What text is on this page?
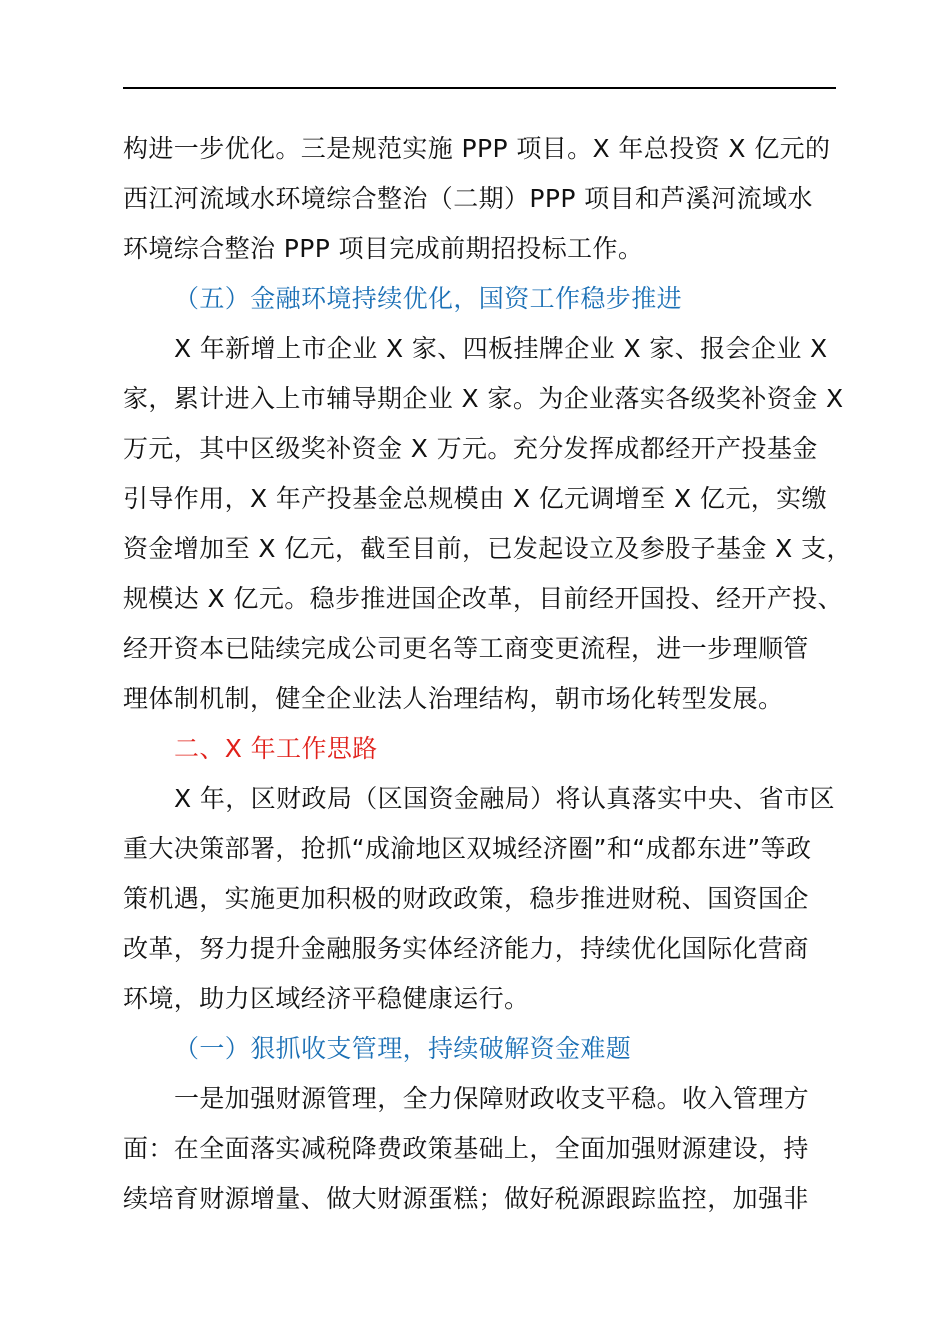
构进一步优化。三是规范实施 PPP 项目。X 年总投资 X 亿元的
西江河流域水环境综合整治（二期）PPP 项目和芦溪河流域水
环境综合整治 PPP 项目完成前期招投标工作。
（五）金融环境持续优化，国资工作稳步推进
X 年新增上市企业 X 家、四板挂牌企业 X 家、报会企业 X
家，累计进入上市辅导期企业 X 家。为企业落实各级奖补资金 X
万元，其中区级奖补资金 X 万元。充分发挥成都经开产投基金
引导作用，X 年产投基金总规模由 X 亿元调增至 X 亿元，实缴
资金增加至 X 亿元，截至目前，已发起设立及参股子基金 X 支，
规模达 X 亿元。稳步推进国企改革，目前经开国投、经开产投、
经开资本已陆续完成公司更名等工商变更流程，进一步理顺管
理体制机制，健全企业法人治理结构，朝市场化转型发展。
二、X 年工作思路
X 年，区财政局（区国资金融局）将认真落实中央、省市区
重大决策部署，抢抓“成渝地区双城经济圈”和“成都东进”等政
策机遇，实施更加积极的财政政策，稳步推进财税、国资国企
改革，努力提升金融服务实体经济能力，持续优化国际化营商
环境，助力区域经济平稳健康运行。
（一）狠抓收支管理，持续破解资金难题
一是加强财源管理，全力保障财政收支平稳。收入管理方
面：在全面落实减税降费政策基础上，全面加强财源建设，持
续培育财源增量、做大财源蛋糕；做好税源跟踪监控，加强非
